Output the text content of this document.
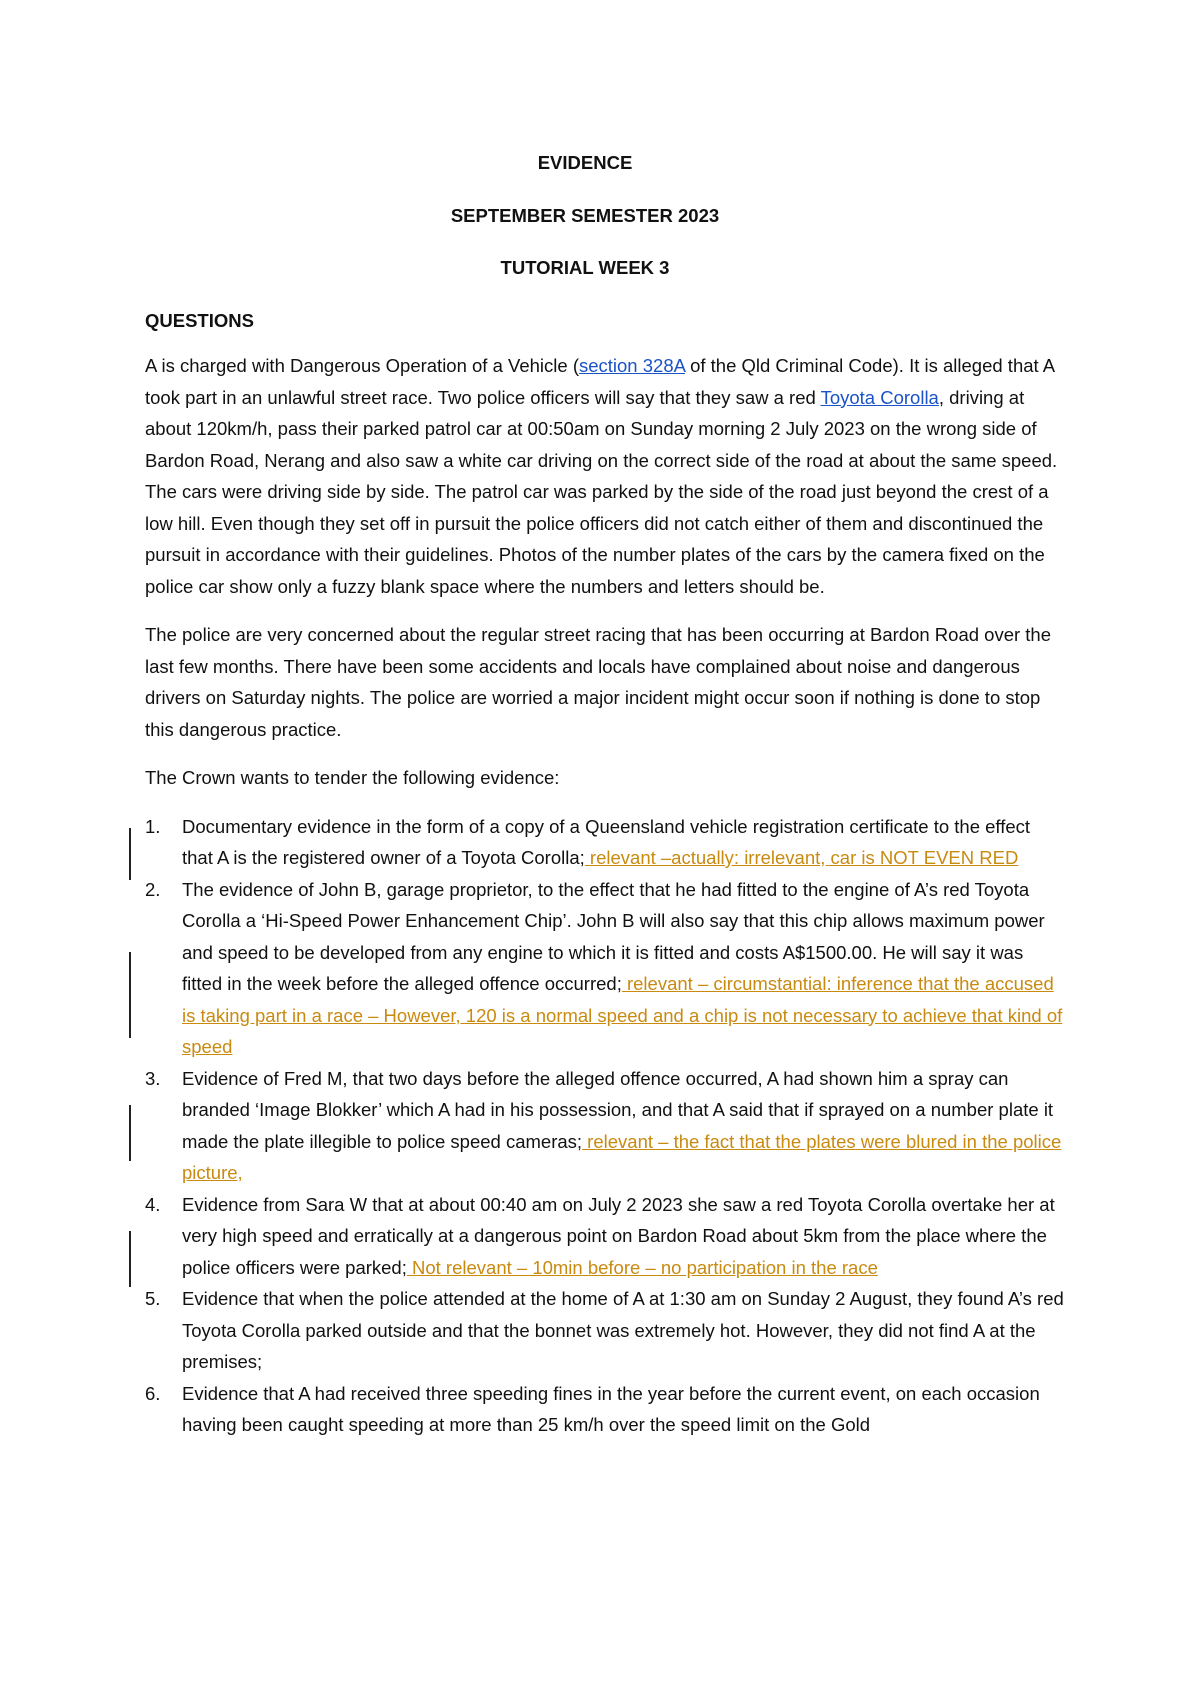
EVIDENCE
SEPTEMBER SEMESTER 2023
TUTORIAL WEEK 3
QUESTIONS

A is charged with Dangerous Operation of a Vehicle (section 328A of the Qld Criminal Code). It is alleged that A took part in an unlawful street race. Two police officers will say that they saw a red Toyota Corolla, driving at about 120km/h, pass their parked patrol car at 00:50am on Sunday morning 2 July 2023 on the wrong side of Bardon Road, Nerang and also saw a white car driving on the correct side of the road at about the same speed. The cars were driving side by side. The patrol car was parked by the side of the road just beyond the crest of a low hill. Even though they set off in pursuit the police officers did not catch either of them and discontinued the pursuit in accordance with their guidelines. Photos of the number plates of the cars by the camera fixed on the police car show only a fuzzy blank space where the numbers and letters should be.

The police are very concerned about the regular street racing that has been occurring at Bardon Road over the last few months. There have been some accidents and locals have complained about noise and dangerous drivers on Saturday nights. The police are worried a major incident might occur soon if nothing is done to stop this dangerous practice.

The Crown wants to tender the following evidence:

1. Documentary evidence in the form of a copy of a Queensland vehicle registration certificate to the effect that A is the registered owner of a Toyota Corolla; relevant –actually: irrelevant, car is NOT EVEN RED
2. The evidence of John B, garage proprietor, to the effect that he had fitted to the engine of A’s red Toyota Corolla a ‘Hi-Speed Power Enhancement Chip’. John B will also say that this chip allows maximum power and speed to be developed from any engine to which it is fitted and costs A$1500.00. He will say it was fitted in the week before the alleged offence occurred; relevant – circumstantial: inference that the accused is taking part in a race – However, 120 is a normal speed and a chip is not necessary to achieve that kind of speed
3. Evidence of Fred M, that two days before the alleged offence occurred, A had shown him a spray can branded ‘Image Blokker’ which A had in his possession, and that A said that if sprayed on a number plate it made the plate illegible to police speed cameras; relevant – the fact that the plates were blured in the police picture,
4. Evidence from Sara W that at about 00:40 am on July 2 2023 she saw a red Toyota Corolla overtake her at very high speed and erratically at a dangerous point on Bardon Road about 5km from the place where the police officers were parked; Not relevant – 10min before – no participation in the race
5. Evidence that when the police attended at the home of A at 1:30 am on Sunday 2 August, they found A’s red Toyota Corolla parked outside and that the bonnet was extremely hot. However, they did not find A at the premises;
6. Evidence that A had received three speeding fines in the year before the current event, on each occasion having been caught speeding at more than 25 km/h over the speed limit on the Gold
